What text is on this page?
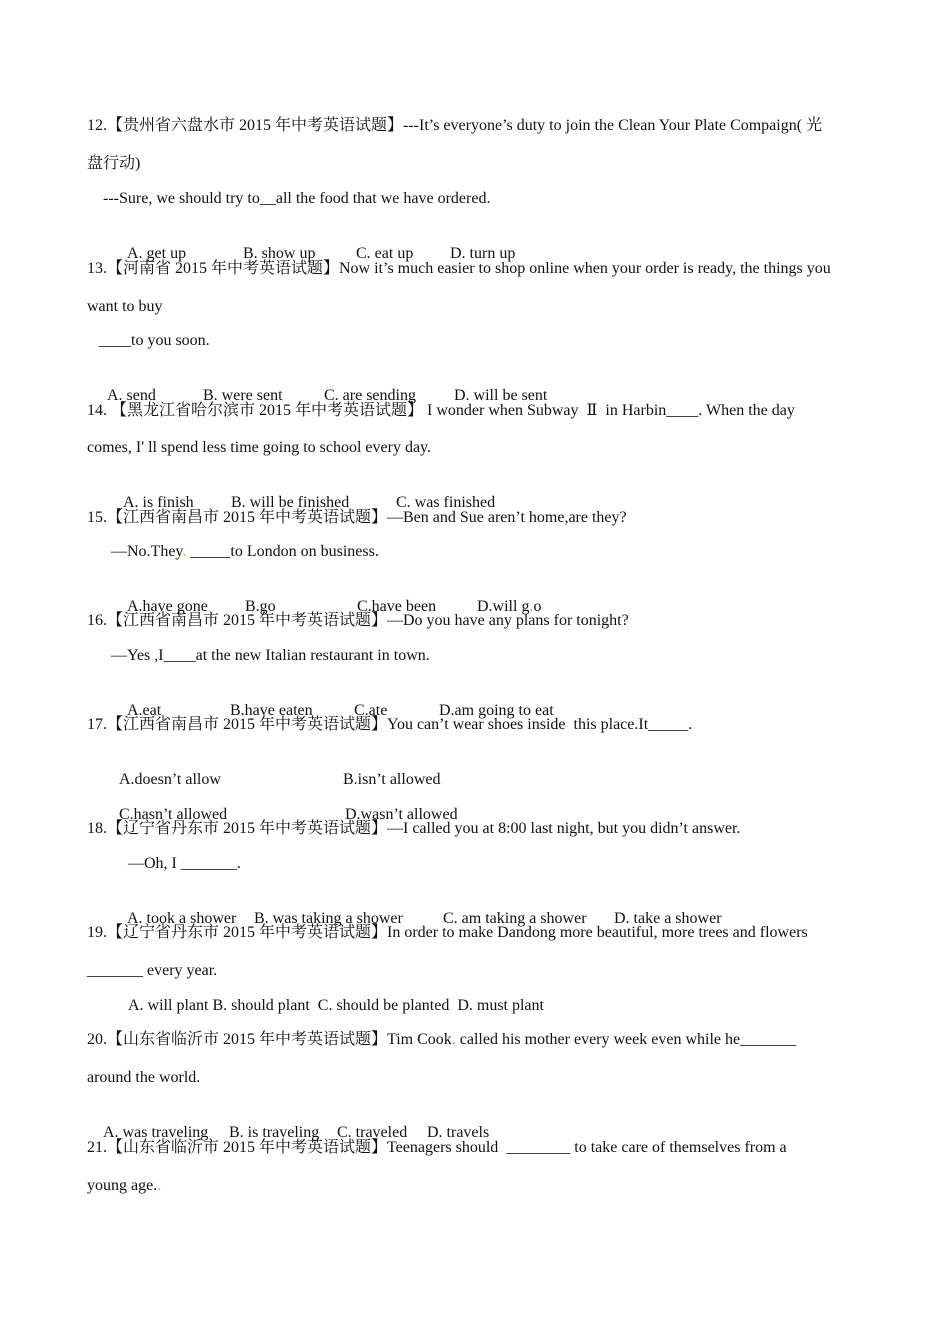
12.【贵州省六盘水市 2015 年中考英语试题】---It’s everyone’s duty to join the Clean Your Plate Compaign( 光
盘行动)
---Sure, we should try to__all the food that we have ordered.

A. get up	B. show up	C. eat up D. turn up

13.【河南省 2015 年中考英语试题】Now it’s much easier to shop online when your order is ready, the things you
want to buy
____to you soon.

A. send	B. were sent	C. are sending D. will be sent

14. 【黑龙江省哈尔滨市 2015 年中考英语试题】 I wonder when Subway  Ⅱ  in Harbin____. When the day
comes, I' ll spend less time going to school every day.

A. is finish B. will be finished	C. was finished

15.【江西省南昌市 2015 年中考英语试题】—Ben and Sue aren’t home,are they?
—No.They. _____to London on business.

A.have gone B.go	C.have been	D.will g.o

16.【江西省南昌市 2015 年中考英语试题】—Do you have any plans for tonight?
—Yes ,I____at the new Italian restaurant in town.

A.eat	B.have eaten	C.ate	D.am going to eat

17.【江西省南昌市 2015 年中考英语试题】You can’t wear shoes inside  this place.It_____.

A.doesn’t allow	B.isn’t allowed

C.hasn’t allowed	D.wasn’t allowed

18.【辽宁省丹东市 2015 年中考英语试题】—I called you at 8:00 last night, but you didn’t answer.
—Oh, I _______.

A. took a shower B. was taking a shower	C. am taking a shower D. take a shower

19.【辽宁省丹东市 2015 年中考英语试题】In order to make Dandong more beautiful, more trees and flowers
_______ every year.
A. will plant B. should plant  C. should be planted  D. must plant
20.【山东省临沂市 2015 年中考英语试题】Tim Cook. called his mother every week even while he_______
around the world.

A. was traveling B. is traveling C. traveled D. travels

21.【山东省临沂市 2015 年中考英语试题】Teenagers should  ________ to take care of themselves from a
young age..
